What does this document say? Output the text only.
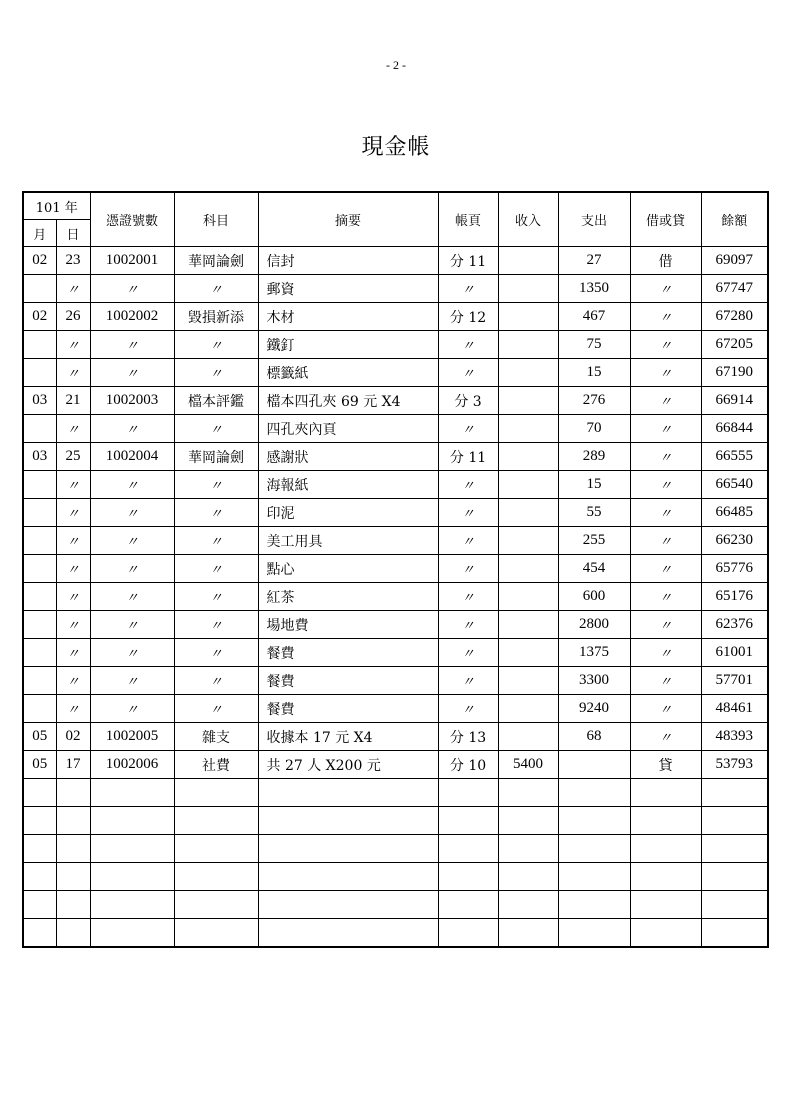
- 2 -
現金帳
101 年		憑證號數	科目	摘要	帳頁	收入	支出	借或貸	餘額
月	日								
02	23	1002001	華岡論劍	信封	分 11		27	借	69097
	〃	〃	〃	郵資	〃		1350	〃	67747
02	26	1002002	毀損新添	木材	分 12		467	〃	67280
	〃	〃	〃	鐵釘	〃		75	〃	67205
	〃	〃	〃	標籤紙	〃		15	〃	67190
03	21	1002003	檔本評鑑	檔本四孔夾 69 元 X4	分 3		276	〃	66914
	〃	〃	〃	四孔夾內頁	〃		70	〃	66844
03	25	1002004	華岡論劍	感謝狀	分 11		289	〃	66555
	〃	〃	〃	海報紙	〃		15	〃	66540
	〃	〃	〃	印泥	〃		55	〃	66485
	〃	〃	〃	美工用具	〃		255	〃	66230
	〃	〃	〃	點心	〃		454	〃	65776
	〃	〃	〃	紅茶	〃		600	〃	65176
	〃	〃	〃	場地費	〃		2800	〃	62376
	〃	〃	〃	餐費	〃		1375	〃	61001
	〃	〃	〃	餐費	〃		3300	〃	57701
	〃	〃	〃	餐費	〃		9240	〃	48461
05	02	1002005	雜支	收據本 17 元 X4	分 13		68	〃	48393
05	17	1002006	社費	共 27 人 X200 元	分 10	5400		貸	53793
